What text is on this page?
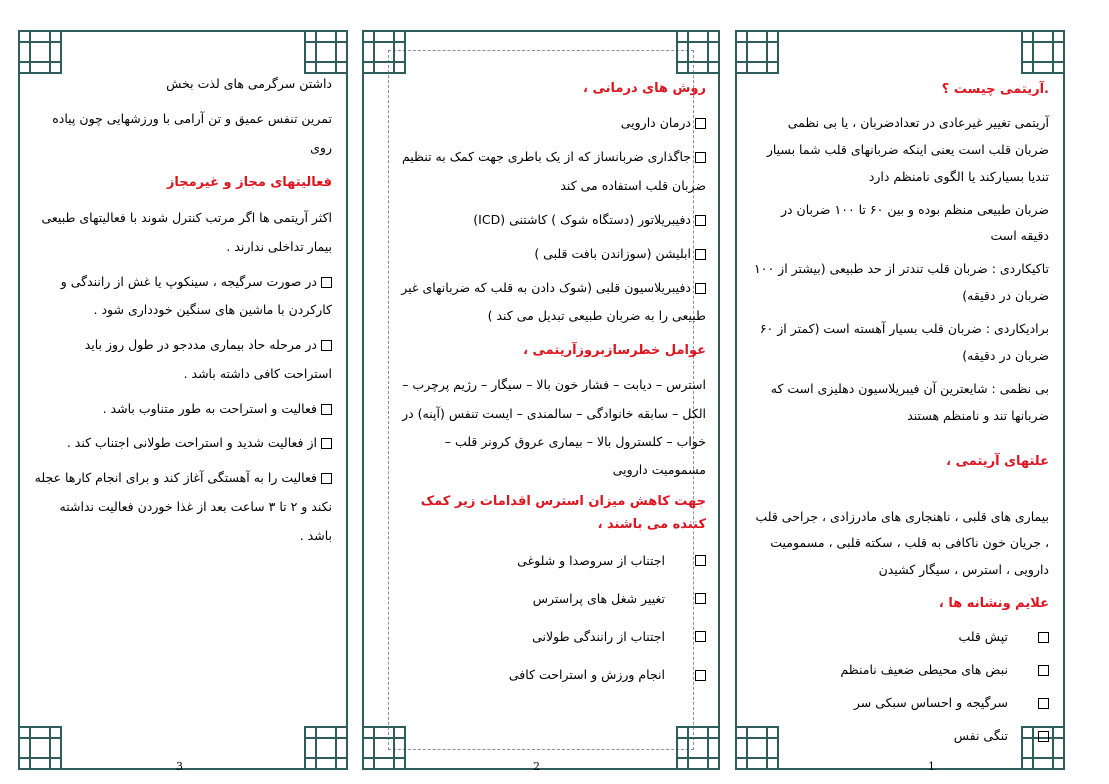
داشتن سرگرمی های لذت بخش
تمرین تنفس عمیق و تن آرامی با ورزشهایی چون پیاده روی
فعالیتهای مجاز و غیرمجاز
اکثر آریتمی ها اگر مرتب کنترل شوند با فعالیتهای طبیعی بیمار تداخلی ندارند .
در صورت سرگیجه ، سینکوپ یا غش از رانندگی و کارکردن با ماشین های سنگین خودداری شود .
در مرحله حاد بیماری مددجو در طول روز باید استراحت کافی داشته باشد .
فعالیت و استراحت به طور متناوب باشد .
از فعالیت شدید و استراحت طولانی اجتناب کند .
فعالیت را به آهستگی آغاز کند و برای انجام کارها عجله نکند و ۲ تا ۳ ساعت بعد از غذا خوردن فعالیت نداشته باشد .
3
روش های درمانی ،
درمان دارویی
جاگذاری ضربانساز که از یک باطری جهت کمک به تنظیم ضربان قلب استفاده می کند
دفیبریلاتور (دستگاه شوک ) کاشتنی (ICD)
ابلیشن (سوزاندن بافت قلبی )
دفیبریلاسیون قلبی (شوک دادن به قلب که ضربانهای غیر طبیعی را به ضربان طبیعی تبدیل می کند )
عوامل خطرسازبروزآریتمی ،
استرس – دیابت – فشار خون بالا – سیگار – رژیم پرچرب – الکل – سابقه خانوادگی – سالمندی – ایست تنفس (آپنه) در خواب – کلسترول بالا – بیماری عروق کرونر قلب – مسمومیت دارویی
جهت کاهش میزان استرس اقدامات زیر کمک کننده می باشند ،
اجتناب از سروصدا و شلوغی
تغییر شغل های پراسترس
اجتناب از رانندگی طولانی
انجام ورزش و استراحت کافی
2
.آریتمی چیست ؟
آریتمی تغییر غیرعادی در تعدادضربان ، یا بی نظمی ضربان قلب است یعنی اینکه ضربانهای قلب شما بسیار تندیا بسیارکند یا الگوی نامنظم دارد
ضربان طبیعی منظم بوده و بین ۶۰ تا ۱۰۰ ضربان در دقیقه است
تاکیکاردی : ضربان قلب تندتر از حد طبیعی (بیشتر از ۱۰۰ ضربان در دقیقه)
برادیکاردی : ضربان قلب بسیار آهسته است (کمتر از ۶۰ ضربان در دقیقه)
بی نظمی : شایعترین آن فیبریلاسیون دهلیزی است که ضربانها تند و نامنظم هستند
علتهای آریتمی ،
بیماری های قلبی ، ناهنجاری های مادرزادی ، جراحی قلب ، جریان خون ناکافی به قلب ، سکته قلبی ، مسمومیت دارویی ، استرس ، سیگار کشیدن
علایم ونشانه ها ،
تپش قلب
نبض های محیطی ضعیف نامنظم
سرگیجه و احساس سبکی سر
تنگی نفس
1
